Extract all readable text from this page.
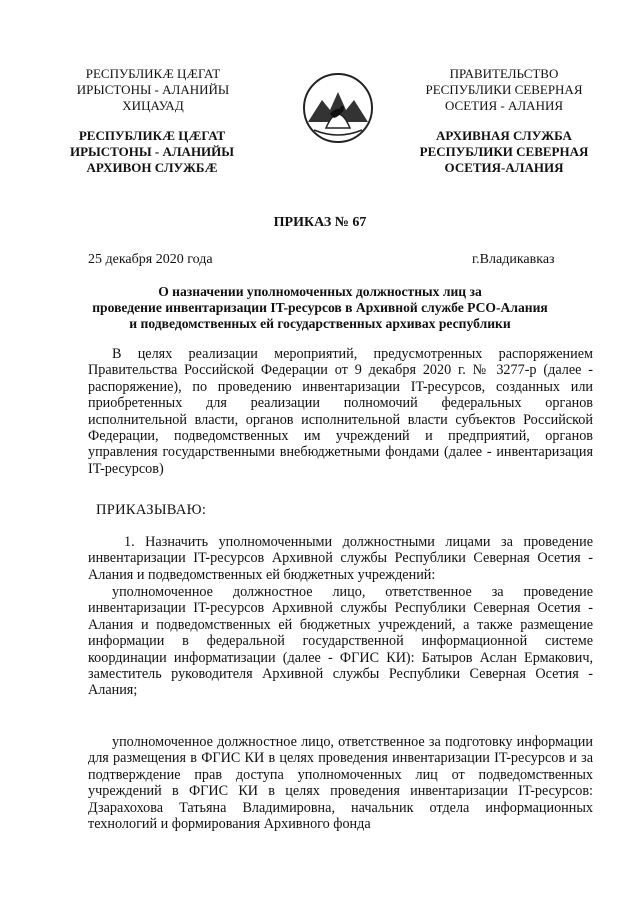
РЕСПУБЛИКӔ ЦӔГАТ
ИРЫСТОНЫ - АЛАНИЙЫ
ХИЦАУАД
РЕСПУБЛИКӔ ЦӔГАТ
ИРЫСТОНЫ - АЛАНИЙЫ
АРХИВОН СЛУЖБӔ
ПРАВИТЕЛЬСТВО
РЕСПУБЛИКИ СЕВЕРНАЯ
ОСЕТИЯ - АЛАНИЯ
АРХИВНАЯ СЛУЖБА
РЕСПУБЛИКИ СЕВЕРНАЯ
ОСЕТИЯ-АЛАНИЯ
ПРИКАЗ № 67
25 декабря 2020 года	г.Владикавказ
О назначении уполномоченных должностных лиц за
проведение инвентаризации IT-ресурсов в Архивной службе РСО-Алания
и подведомственных ей государственных архивах республики
В целях реализации мероприятий, предусмотренных распоряжением Правительства Российской Федерации от 9 декабря 2020 г. № 3277-р (далее - распоряжение), по проведению инвентаризации IT-ресурсов, созданных или приобретенных для реализации полномочий федеральных органов исполнительной власти, органов исполнительной власти субъектов Российской Федерации, подведомственных им учреждений и предприятий, органов управления государственными внебюджетными фондами (далее - инвентаризация IT-ресурсов)
ПРИКАЗЫВАЮ:
1. Назначить уполномоченными должностными лицами за проведение инвентаризации IT-ресурсов Архивной службы Республики Северная Осетия - Алания и подведомственных ей бюджетных учреждений:
уполномоченное должностное лицо, ответственное за проведение инвентаризации IT-ресурсов Архивной службы Республики Северная Осетия - Алания и подведомственных ей бюджетных учреждений, а также размещение информации в федеральной государственной информационной системе координации информатизации (далее - ФГИС КИ): Батыров Аслан Ермакович, заместитель руководителя Архивной службы Республики Северная Осетия - Алания;
уполномоченное должностное лицо, ответственное за подготовку информации для размещения в ФГИС КИ в целях проведения инвентаризации IT-ресурсов и за подтверждение прав доступа уполномоченных лиц от подведомственных учреждений в ФГИС КИ в целях проведения инвентаризации IT-ресурсов: Дзарахохова Татьяна Владимировна, начальник отдела информационных технологий и формирования Архивного фонда
